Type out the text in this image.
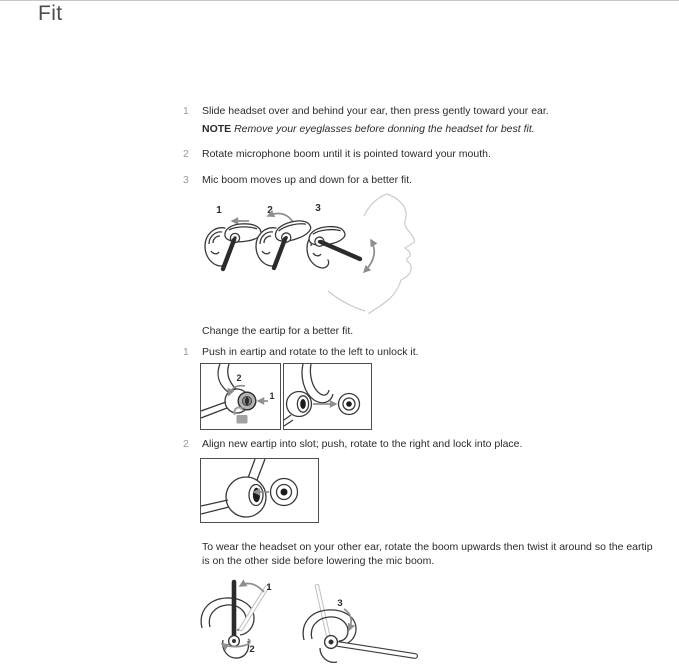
Fit
1	Slide headset over and behind your ear, then press gently toward your ear.
NOTE Remove your eyeglasses before donning the headset for best fit.
2	Rotate microphone boom until it is pointed toward your mouth.
3	Mic boom moves up and down for a better fit.
1	2	3
Change the eartip for a better fit.
1	Push in eartip and rotate to the left to unlock it.
1
2
2	Align new eartip into slot; push, rotate to the right and lock into place.
To wear the headset on your other ear, rotate the boom upwards then twist it around so the eartip is on the other side before lowering the mic boom.
1
2
3
